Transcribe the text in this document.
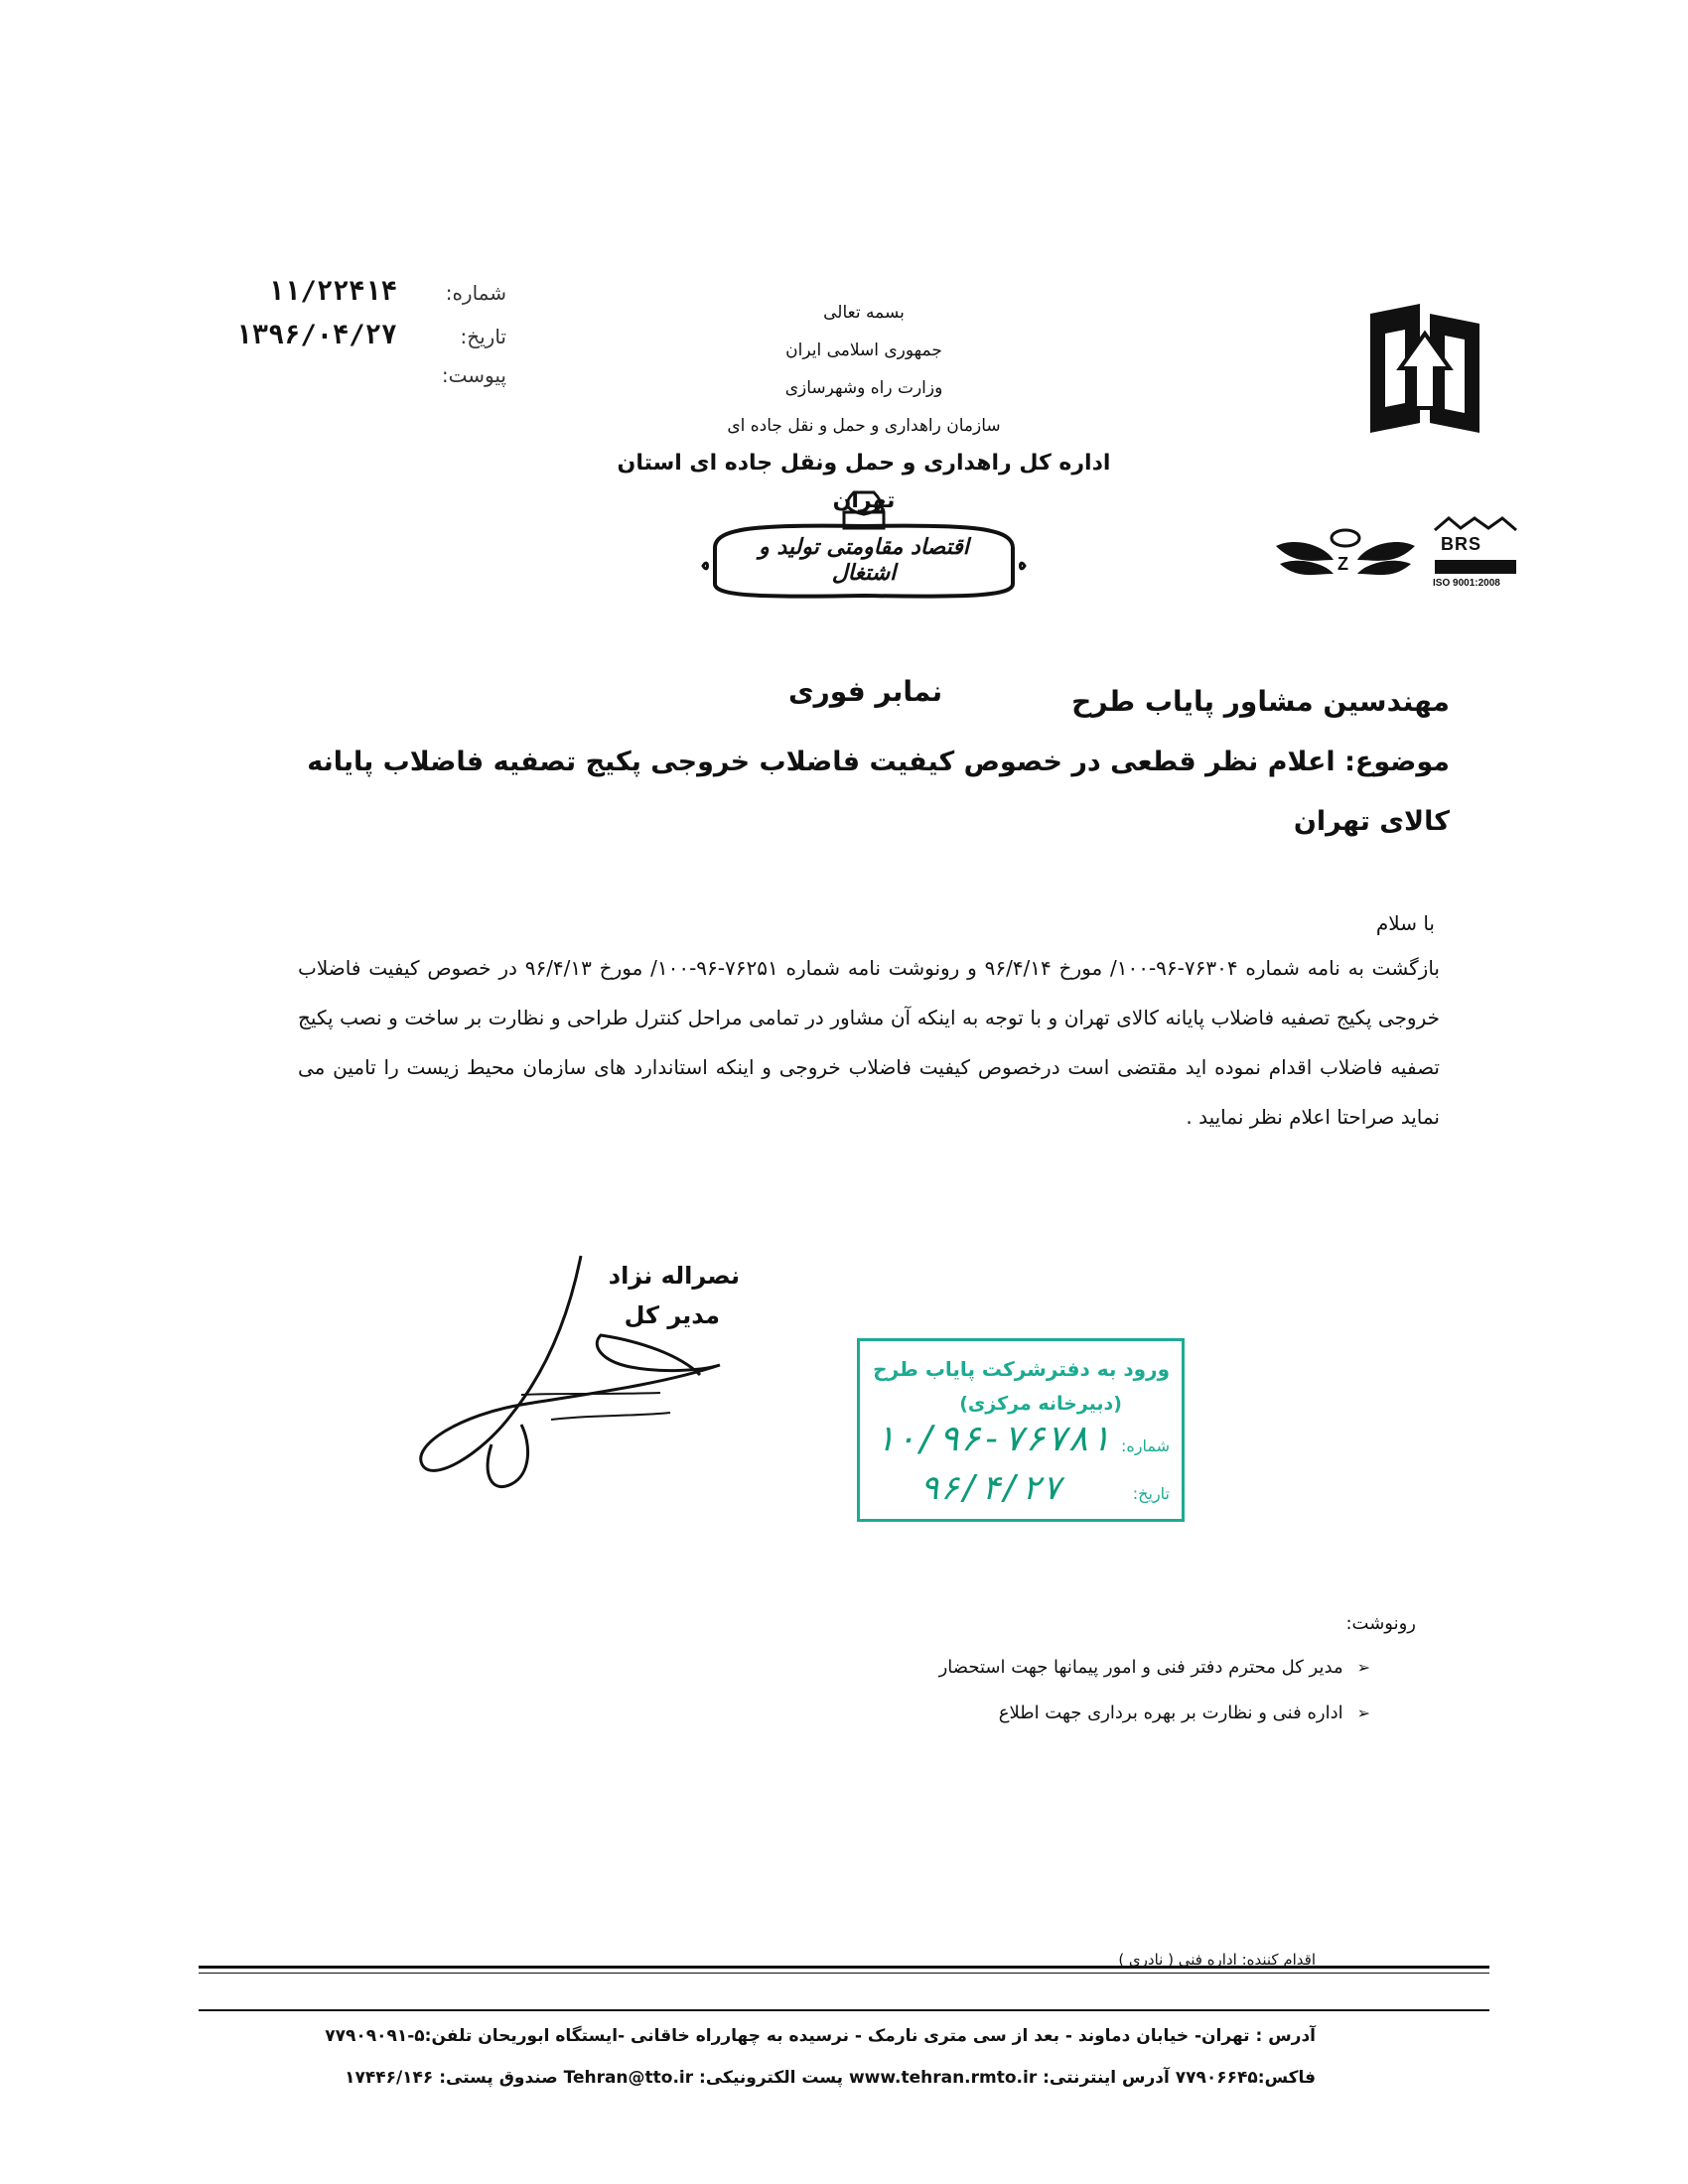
شماره:
۱۱/۲۲۴۱۴
تاریخ:
۱۳۹۶/۰۴/۲۷
پیوست:
بسمه تعالی
جمهوری اسلامی ایران
وزارت راه وشهرسازی
سازمان راهداری و حمل و نقل جاده ای
اداره کل راهداری و حمل ونقل جاده ای استان تهران
اقتصاد مقاومتی تولید و اشتغال	Z
BRS
ISO 9001:2008
مهندسین مشاور پایاب طرح
نمابر فوری
موضوع: اعلام نظر قطعی در خصوص کیفیت فاضلاب خروجی پکیج تصفیه فاضلاب پایانه کالای تهران
با سلام
بازگشت به نامه شماره ۷۶۳۰۴-۹۶-۱۰۰/ مورخ ۹۶/۴/۱۴ و رونوشت نامه شماره ۷۶۲۵۱-۹۶-۱۰۰/ مورخ ۹۶/۴/۱۳ در خصوص کیفیت فاضلاب خروجی پکیج تصفیه فاضلاب پایانه کالای تهران و با توجه به اینکه آن مشاور در تمامی مراحل کنترل طراحی و نظارت بر ساخت و نصب پکیج تصفیه فاضلاب اقدام نموده اید مقتضی است درخصوص کیفیت فاضلاب خروجی و اینکه استاندارد های سازمان محیط زیست را تامین می نماید صراحتا اعلام نظر نمایید .
نصراله نزاد
مدیر کل
ورود به دفترشرکت پایاب طرح
(دبیرخانه مرکزی)
شماره:
تاریخ:
۱۰/۹۶-۷۶۷۸۱
۹۶/۴/۲۷
رونوشت:
➢
مدیر کل محترم دفتر فنی و امور پیمانها جهت استحضار
➢
اداره فنی و نظارت بر بهره برداری جهت اطلاع
اقدام کننده: اداره فنی ( نادری )
آدرس : تهران- خیابان دماوند - بعد از سی متری نارمک - نرسیده به چهارراه خاقانی -ایستگاه ابوریحان تلفن:۵-۷۷۹۰۹۰۹۱
فاکس:۷۷۹۰۶۶۴۵ آدرس اینترنتی: www.tehran.rmto.ir پست الکترونیکی: Tehran@tto.ir صندوق پستی: ۱۷۴۴۶/۱۴۶
